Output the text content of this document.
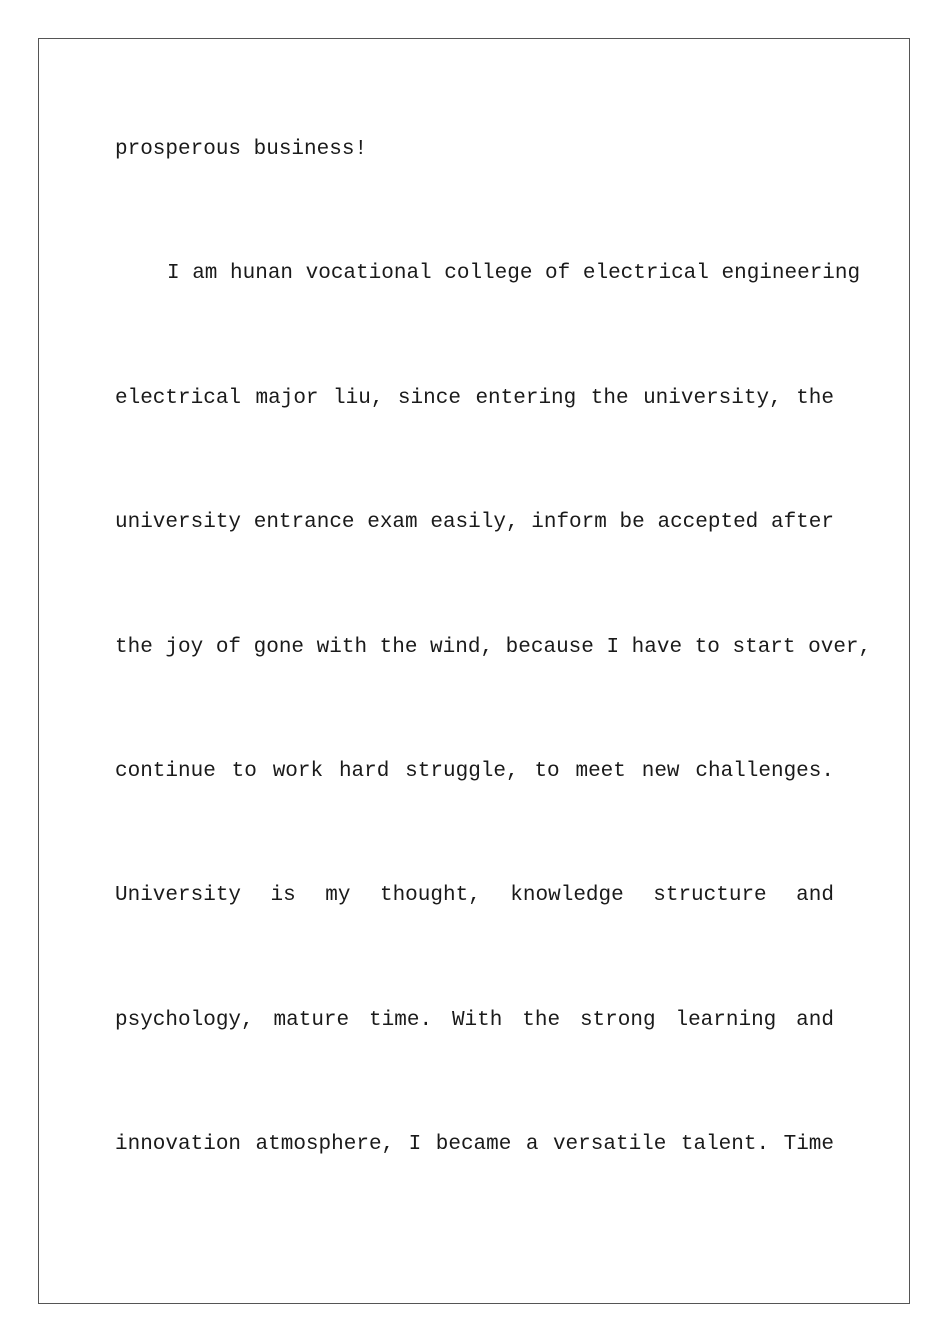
prosperous business!
I am hunan vocational college of electrical engineering
electrical major liu, since entering the university, the
university entrance exam easily, inform be accepted after
the joy of gone with the wind, because I have to start over,
continue to work hard struggle, to meet new challenges.
University is my thought, knowledge structure and
psychology, mature time. With the strong learning and
innovation atmosphere, I became a versatile talent. Time
